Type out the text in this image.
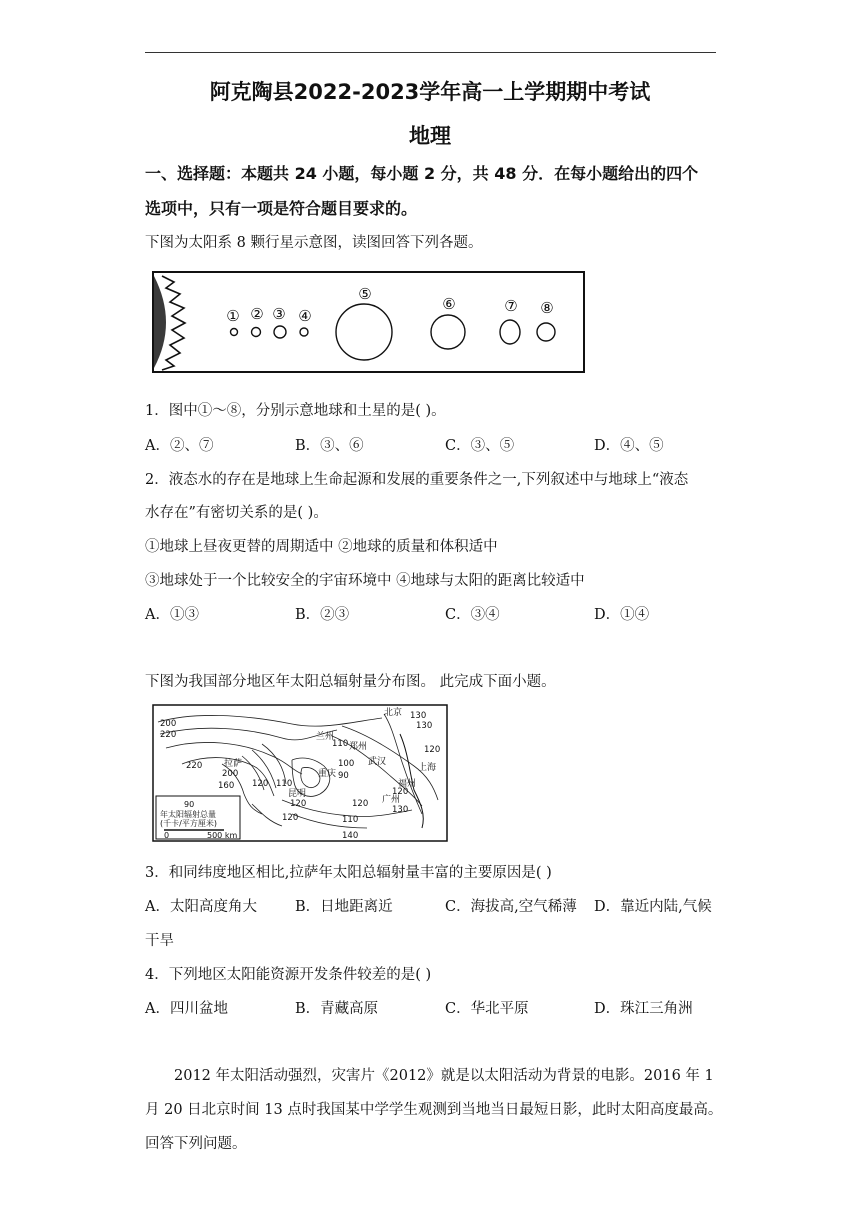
阿克陶县2022-2023学年高一上学期期中考试
地理
一、选择题：本题共 24 小题，每小题 2 分，共 48 分．在每小题给出的四个
选项中，只有一项是符合题目要求的。
下图为太阳系 8 颗行星示意图，读图回答下列各题。
① ② ③ ④
⑤
⑥	⑦ ⑧
1．图中①～⑧，分别示意地球和土星的是( )。
A．②、⑦	B．③、⑥	C．③、⑤	D．④、⑤
2．液态水的存在是地球上生命起源和发展的重要条件之一,下列叙述中与地球上“液态
水存在”有密切关系的是( )。
①地球上昼夜更替的周期适中 ②地球的质量和体积适中
③地球处于一个比较安全的宇宙环境中 ④地球与太阳的距离比较适中
A．①③	B．②③	C．③④	D．①④
下图为我国部分地区年太阳总辐射量分布图。 此完成下面小题。
90
年太阳辐射总量
(千卡/平方厘米)
0	500 km
北京
兰州
郑州
武汉
上海
重庆
拉萨
福州
广州
昆明
200
220
220
200
160
130
130
110
100
90
120
120
110
120
120
130
110
120
140
120
3．和同纬度地区相比,拉萨年太阳总辐射量丰富的主要原因是( )
A．太阳高度角大	B．日地距离近	C．海拔高,空气稀薄 D．靠近内陆,气候
干旱
4．下列地区太阳能资源开发条件较差的是( )
A．四川盆地	B．青藏高原	C．华北平原	D．珠江三角洲
2012 年太阳活动强烈，灾害片《2012》就是以太阳活动为背景的电影。2016 年 1
月 20 日北京时间 13 点时我国某中学学生观测到当地当日最短日影，此时太阳高度最高。
回答下列问题。
